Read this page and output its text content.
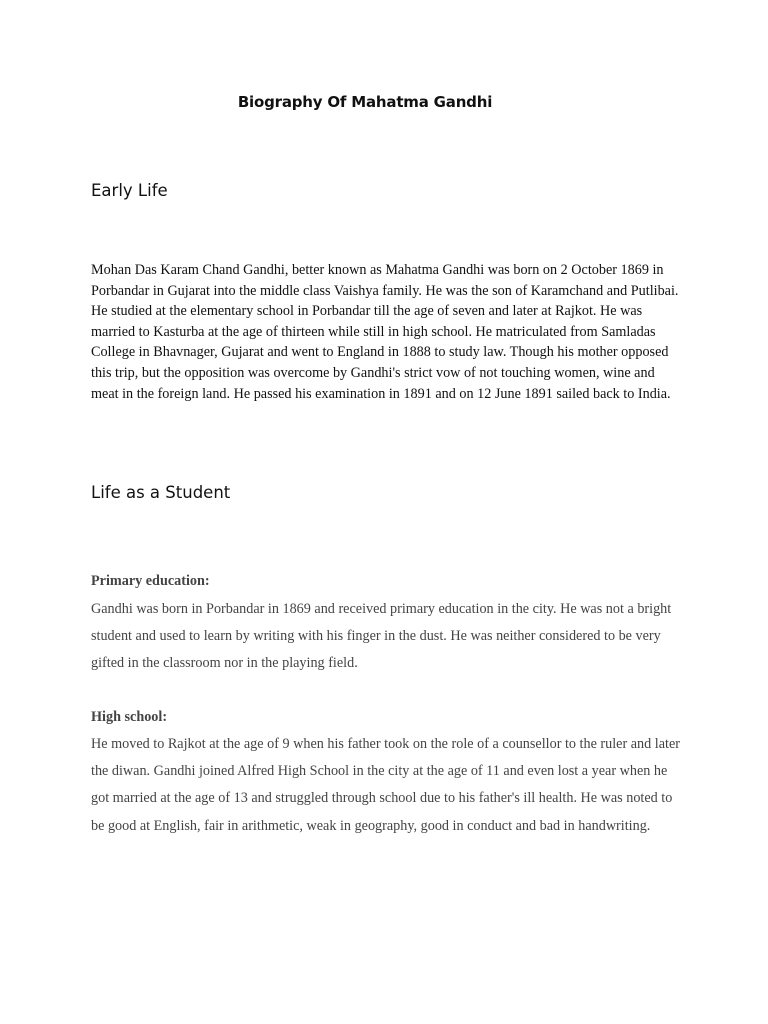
Biography Of Mahatma Gandhi
Early Life

Mohan Das Karam Chand Gandhi, better known as Mahatma Gandhi was born on 2 October 1869 in Porbandar in Gujarat into the middle class Vaishya family. He was the son of Karamchand and Putlibai. He studied at the elementary school in Porbandar till the age of seven and later at Rajkot. He was married to Kasturba at the age of thirteen while still in high school. He matriculated from Samladas College in Bhavnager, Gujarat and went to England in 1888 to study law. Though his mother opposed this trip, but the opposition was overcome by Gandhi's strict vow of not touching women, wine and meat in the foreign land. He passed his examination in 1891 and on 12 June 1891 sailed back to India.

Life as a Student
Primary education:

Gandhi was born in Porbandar in 1869 and received primary education in the city. He was not a bright student and used to learn by writing with his finger in the dust. He was neither considered to be very gifted in the classroom nor in the playing field.

High school:

He moved to Rajkot at the age of 9 when his father took on the role of a counsellor to the ruler and later the diwan. Gandhi joined Alfred High School in the city at the age of 11 and even lost a year when he got married at the age of 13 and struggled through school due to his father's ill health. He was noted to be good at English, fair in arithmetic, weak in geography, good in conduct and bad in handwriting.
